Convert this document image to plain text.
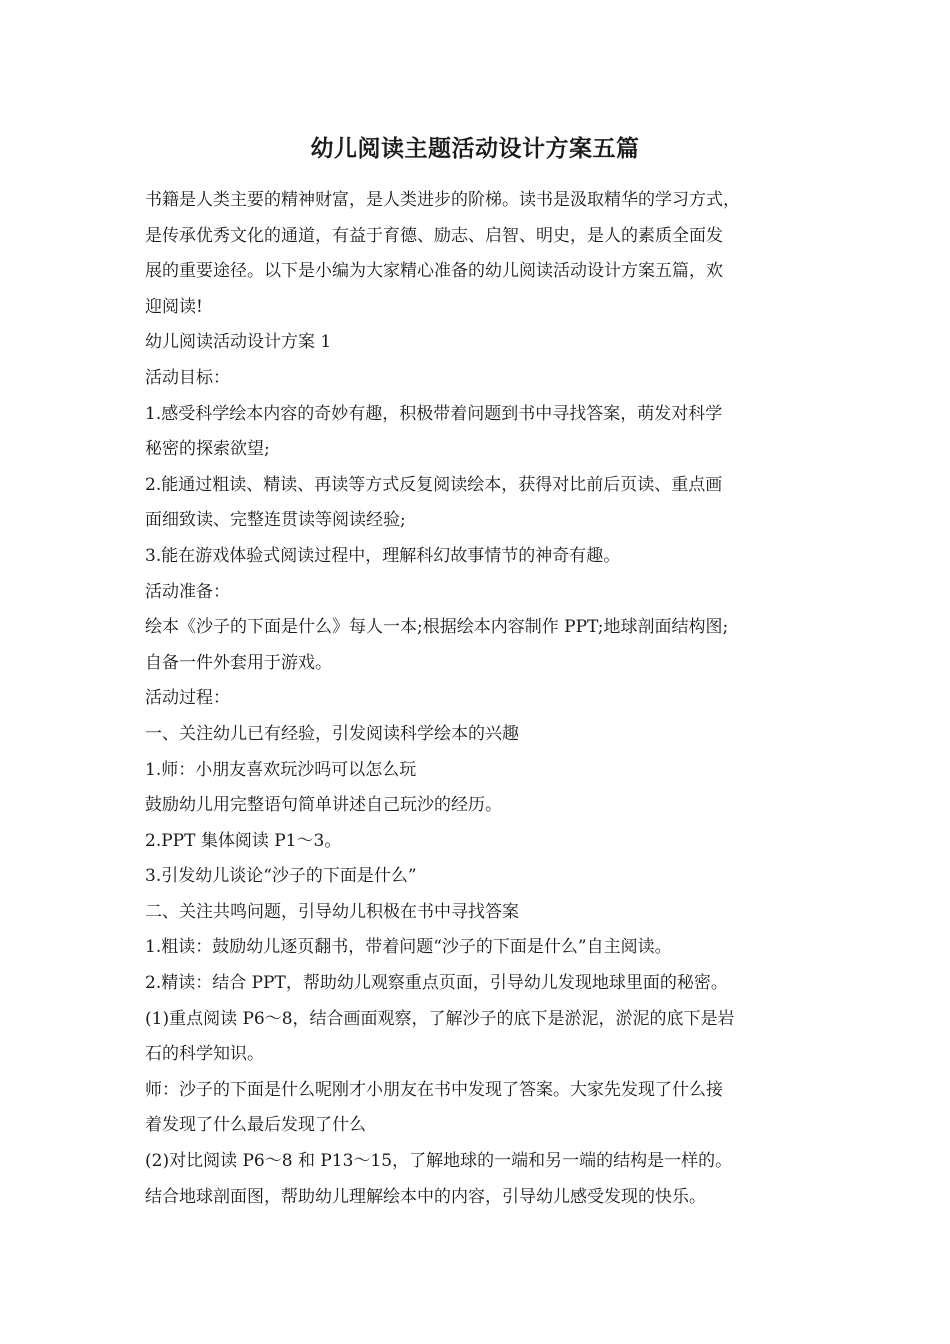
幼儿阅读主题活动设计方案五篇

书籍是人类主要的精神财富，是人类进步的阶梯。读书是汲取精华的学习方式，

是传承优秀文化的通道，有益于育德、励志、启智、明史，是人的素质全面发

展的重要途径。以下是小编为大家精心准备的幼儿阅读活动设计方案五篇，欢

迎阅读!

幼儿阅读活动设计方案 1

活动目标：

1.感受科学绘本内容的奇妙有趣，积极带着问题到书中寻找答案，萌发对科学

秘密的探索欲望;

2.能通过粗读、精读、再读等方式反复阅读绘本，获得对比前后页读、重点画

面细致读、完整连贯读等阅读经验;

3.能在游戏体验式阅读过程中，理解科幻故事情节的神奇有趣。

活动准备：

绘本《沙子的下面是什么》每人一本;根据绘本内容制作 PPT;地球剖面结构图;

自备一件外套用于游戏。

活动过程：

一、关注幼儿已有经验，引发阅读科学绘本的兴趣

1.师：小朋友喜欢玩沙吗可以怎么玩

鼓励幼儿用完整语句简单讲述自己玩沙的经历。

2.PPT 集体阅读 P1～3。

3.引发幼儿谈论“沙子的下面是什么”

二、关注共鸣问题，引导幼儿积极在书中寻找答案

1.粗读：鼓励幼儿逐页翻书，带着问题“沙子的下面是什么”自主阅读。

2.精读：结合 PPT，帮助幼儿观察重点页面，引导幼儿发现地球里面的秘密。

(1)重点阅读 P6～8，结合画面观察，了解沙子的底下是淤泥，淤泥的底下是岩

石的科学知识。

师：沙子的下面是什么呢刚才小朋友在书中发现了答案。大家先发现了什么接

着发现了什么最后发现了什么

(2)对比阅读 P6～8 和 P13～15，了解地球的一端和另一端的结构是一样的。

结合地球剖面图，帮助幼儿理解绘本中的内容，引导幼儿感受发现的快乐。
